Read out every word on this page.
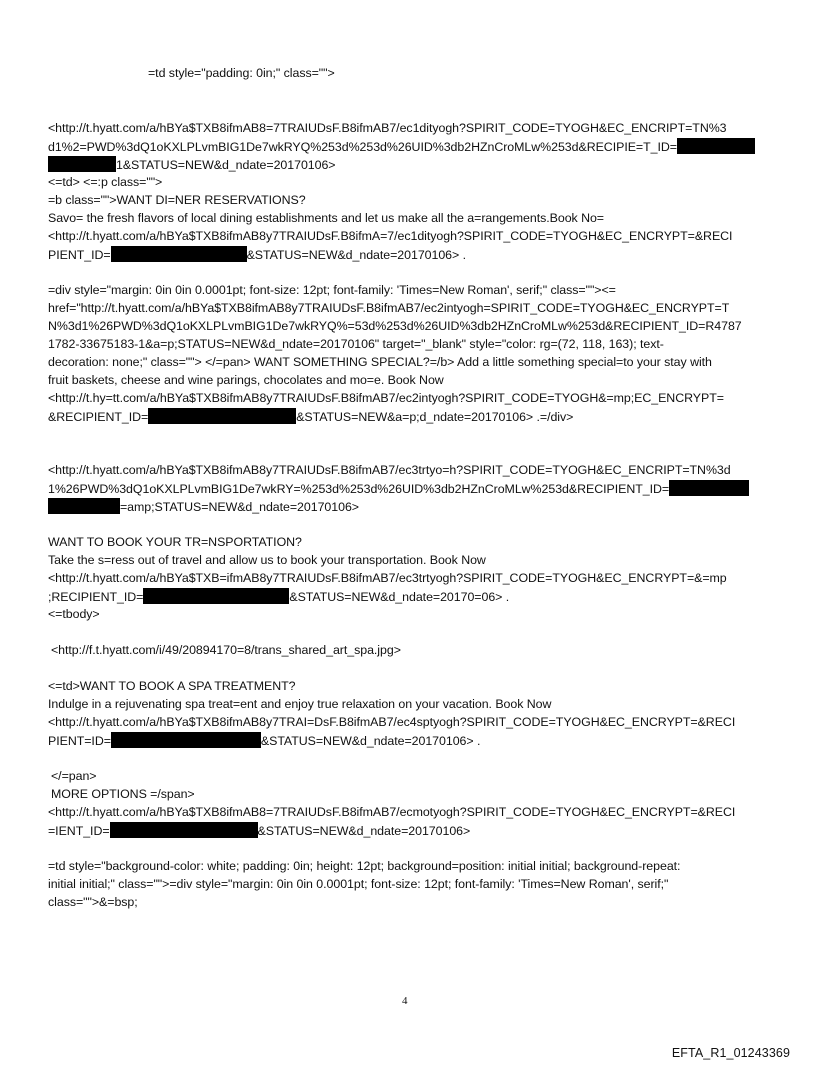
=td style="padding: 0in;" class="">
<http://t.hyatt.com/a/hBYa$TXB8ifmAB8=7TRAIUDsF.B8ifmAB7/ec1dityogh?SPIRIT_CODE=TYOGH&EC_ENCRIPT=TN%3
d1%2=PWD%3dQ1oKXLPLvmBIG1De7wkRYQ%253d%253d%26UID%3db2HZnCroMLw%253d&RECIPIE=T_ID=
1&STATUS=NEW&d_ndate=20170106>
<=td> <=:p class="">
=b class="">WANT DI=NER RESERVATIONS?
Savo= the fresh flavors of local dining establishments and let us make all the a=rangements.Book No=
<http://t.hyatt.com/a/hBYa$TXB8ifmAB8y7TRAIUDsF.B8ifmA=7/ec1dityogh?SPIRIT_CODE=TYOGH&EC_ENCRYPT=&RECI
PIENT_ID=	&STATUS=NEW&d_ndate=20170106> .
=div style="margin: 0in 0in 0.0001pt; font-size: 12pt; font-family: 'Times=New Roman', serif;" class=""><=
href="http://t.hyatt.com/a/hBYa$TXB8ifmAB8y7TRAIUDsF.B8ifmAB7/ec2intyogh=SPIRIT_CODE=TYOGH&EC_ENCRYPT=T
N%3d1%26PWD%3dQ1oKXLPLvmBIG1De7wkRYQ%=53d%253d%26UID%3db2HZnCroMLw%253d&RECIPIENT_ID=R4787
1782-33675183-1&a=p;STATUS=NEW&d_ndate=20170106" target="_blank" style="color: rg=(72, 118, 163); text-
decoration: none;" class=""> </=pan> WANT SOMETHING SPECIAL?=/b> Add a little something special=to your stay with
fruit baskets, cheese and wine parings, chocolates and mo=e. Book Now
<http://t.hy=tt.com/a/hBYa$TXB8ifmAB8y7TRAIUDsF.B8ifmAB7/ec2intyogh?SPIRIT_CODE=TYOGH&=mp;EC_ENCRYPT=
&RECIPIENT_ID=	&STATUS=NEW&a=p;d_ndate=20170106> .=/div>
<http://t.hyatt.com/a/hBYa$TXB8ifmAB8y7TRAIUDsF.B8ifmAB7/ec3trtyo=h?SPIRIT_CODE=TYOGH&EC_ENCRIPT=TN%3d
1%26PWD%3dQ1oKXLPLvmBIG1De7wkRY=%253d%253d%26UID%3db2HZnCroMLw%253d&RECIPIENT_ID=
=amp;STATUS=NEW&d_ndate=20170106>
WANT TO BOOK YOUR TR=NSPORTATION?
Take the s=ress out of travel and allow us to book your transportation. Book Now
<http://t.hyatt.com/a/hBYa$TXB=ifmAB8y7TRAIUDsF.B8ifmAB7/ec3trtyogh?SPIRIT_CODE=TYOGH&EC_ENCRYPT=&=mp
;RECIPIENT_ID=	&STATUS=NEW&d_ndate=20170=06> .
<=tbody>
<http://f.t.hyatt.com/i/49/20894170=8/trans_shared_art_spa.jpg>
<=td>WANT TO BOOK A SPA TREATMENT?
Indulge in a rejuvenating spa treat=ent and enjoy true relaxation on your vacation. Book Now
<http://t.hyatt.com/a/hBYa$TXB8ifmAB8y7TRAI=DsF.B8ifmAB7/ec4sptyogh?SPIRIT_CODE=TYOGH&EC_ENCRYPT=&RECI
PIENT=ID=	&STATUS=NEW&d_ndate=20170106> .
</=pan>
MORE OPTIONS =/span>
<http://t.hyatt.com/a/hBYa$TXB8ifmAB8=7TRAIUDsF.B8ifmAB7/ecmotyogh?SPIRIT_CODE=TYOGH&EC_ENCRYPT=&RECI
=IENT_ID=	&STATUS=NEW&d_ndate=20170106>
=td style="background-color: white; padding: 0in; height: 12pt; background=position: initial initial; background-repeat:
initial initial;" class="">=div style="margin: 0in 0in 0.0001pt; font-size: 12pt; font-family: 'Times=New Roman', serif;"
class="">&=bsp;
4
EFTA_R1_01243369
